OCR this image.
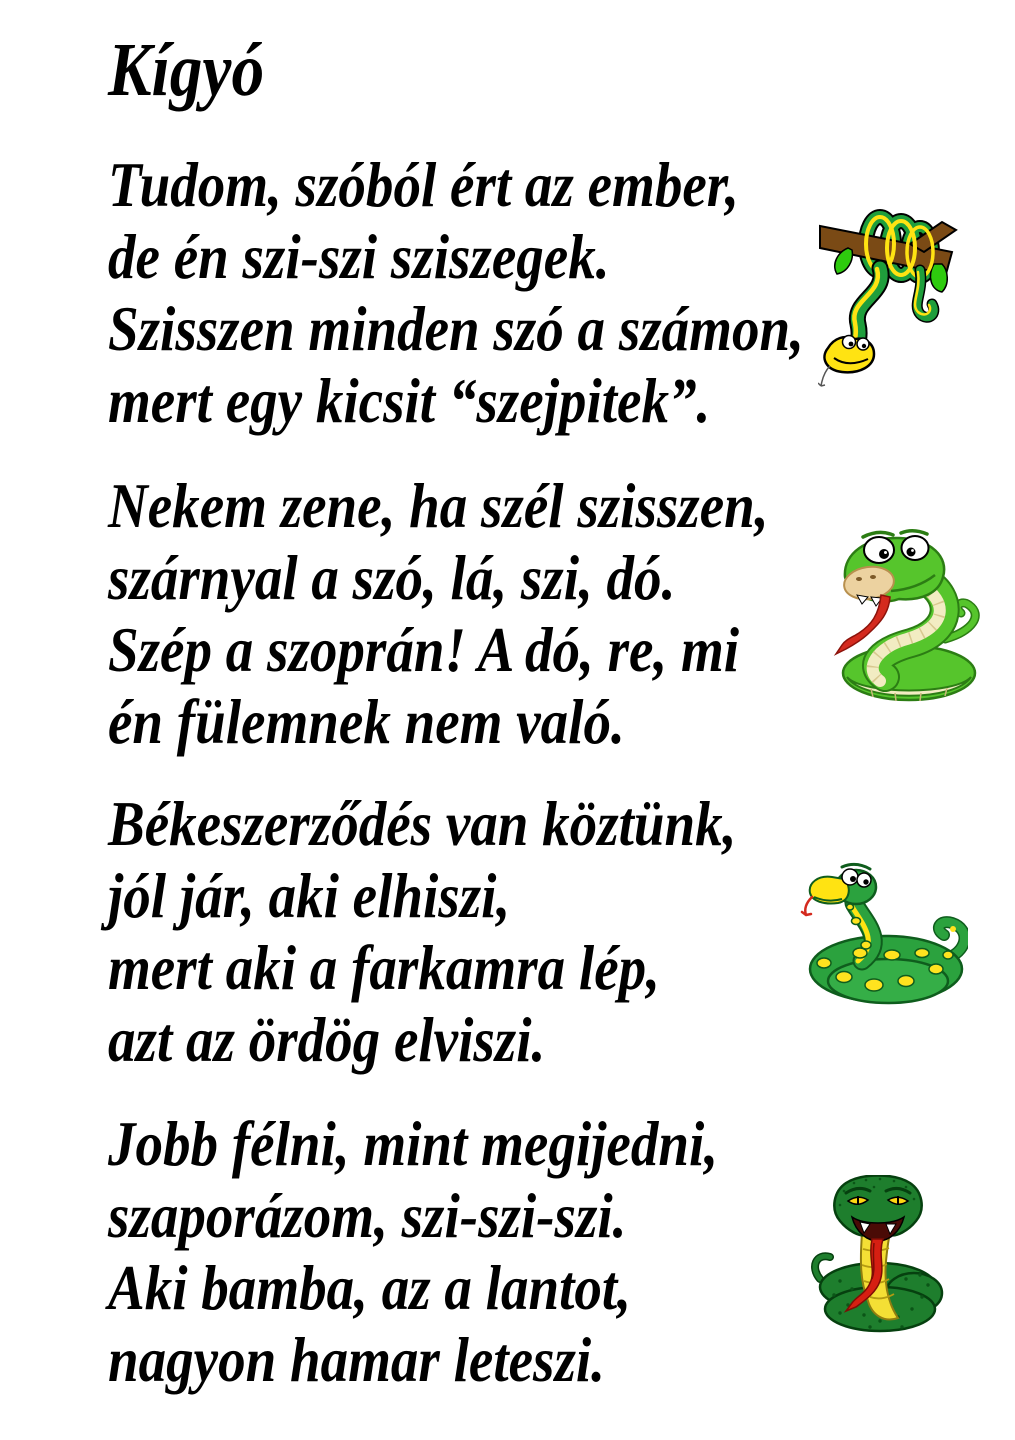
Kígyó

Tudom, szóból ért az ember,

de én szi-szi sziszegek.

Szisszen minden szó a számon,

mert egy kicsit “szejpitek”.

Nekem zene, ha szél szisszen,

szárnyal a szó, lá, szi, dó.

Szép a szoprán! A dó, re, mi

én fülemnek nem való.

Békeszerződés van köztünk,

jól jár, aki elhiszi,

mert aki a farkamra lép,

azt az ördög elviszi.

Jobb félni, mint megijedni,

szaporázom, szi-szi-szi.

Aki bamba, az a lantot,

nagyon hamar leteszi.
